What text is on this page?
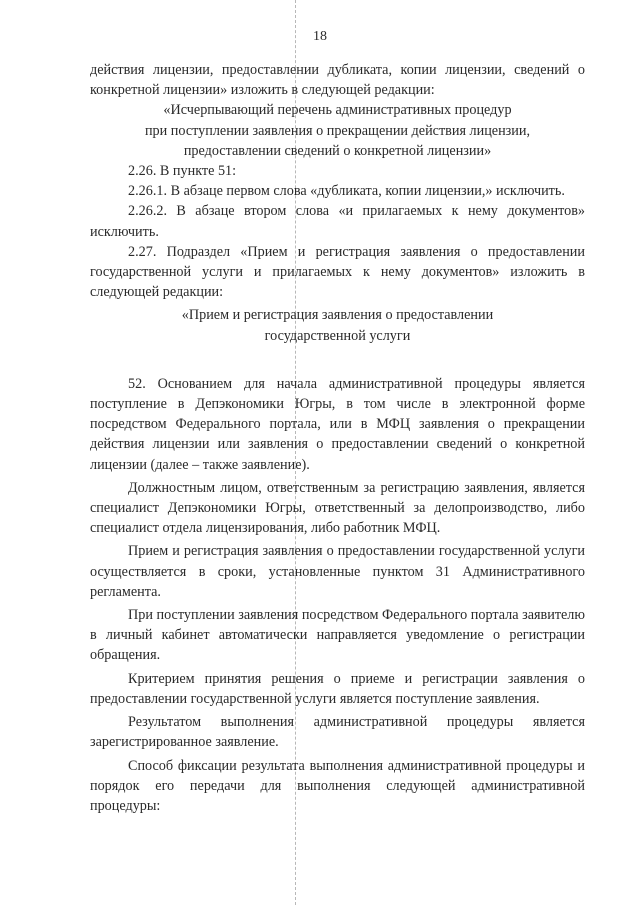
18

действия лицензии, предоставлении дубликата, копии лицензии, сведений о конкретной лицензии» изложить в следующей редакции:

«Исчерпывающий перечень административных процедур

при поступлении заявления о прекращении действия лицензии,

предоставлении сведений о конкретной лицензии»

2.26. В пункте 51:

2.26.1. В абзаце первом слова «дубликата, копии лицензии,» исключить.

2.26.2. В абзаце втором слова «и прилагаемых к нему документов» исключить.

2.27. Подраздел «Прием и регистрация заявления о предоставлении государственной услуги и прилагаемых к нему документов» изложить в следующей редакции:

«Прием и регистрация заявления о предоставлении

государственной услуги

52. Основанием для начала административной процедуры является поступление в Депэкономики Югры, в том числе в электронной форме посредством Федерального портала, или в МФЦ заявления о прекращении действия лицензии или заявления о предоставлении сведений о конкретной лицензии (далее – также заявление).

Должностным лицом, ответственным за регистрацию заявления, является специалист Депэкономики Югры, ответственный за делопроизводство, либо специалист отдела лицензирования, либо работник МФЦ.

Прием и регистрация заявления о предоставлении государственной услуги осуществляется в сроки, установленные пунктом 31 Административного регламента.

При поступлении заявления посредством Федерального портала заявителю в личный кабинет автоматически направляется уведомление о регистрации обращения.

Критерием принятия решения о приеме и регистрации заявления о предоставлении государственной услуги является поступление заявления.

Результатом выполнения административной процедуры является зарегистрированное заявление.

Способ фиксации результата выполнения административной процедуры и порядок его передачи для выполнения следующей административной процедуры:
